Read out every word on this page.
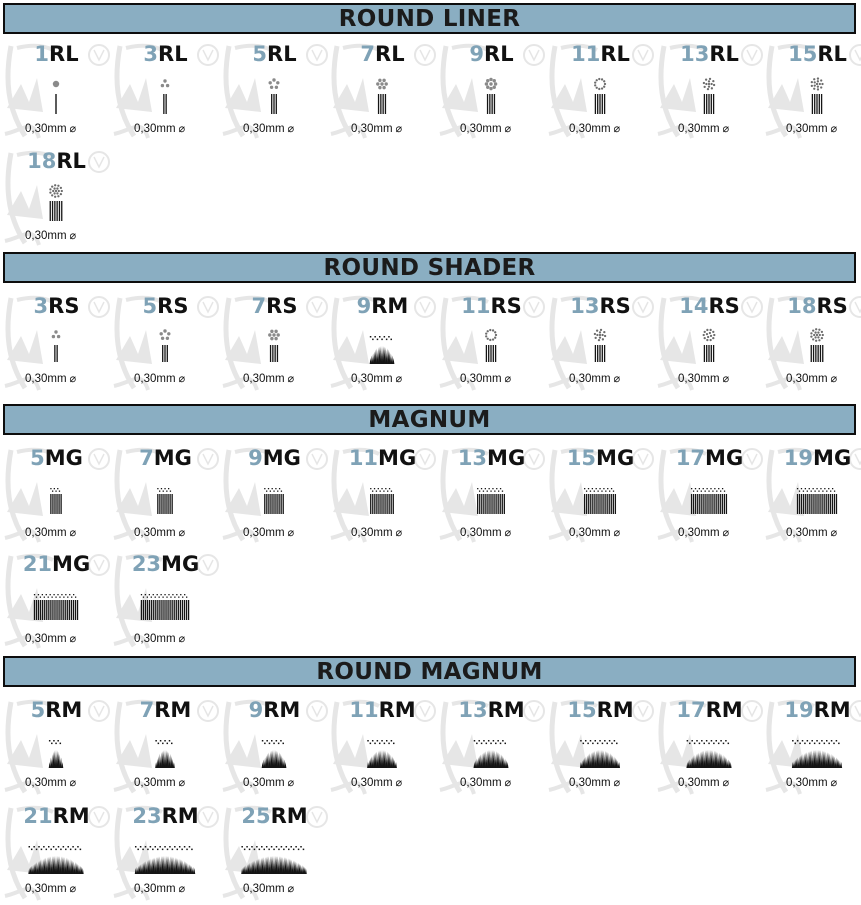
ROUND LINER
1RL
0,30mm ⌀
3RL
0,30mm ⌀
5RL
0,30mm ⌀
7RL
0,30mm ⌀
9RL
0,30mm ⌀
11RL
0,30mm ⌀
13RL
0,30mm ⌀
15RL
0,30mm ⌀
18RL
0,30mm ⌀
ROUND SHADER
3RS
0,30mm ⌀
5RS
0,30mm ⌀
7RS
0,30mm ⌀
9RM
0,30mm ⌀
11RS
0,30mm ⌀
13RS
0,30mm ⌀
14RS
0,30mm ⌀
18RS
0,30mm ⌀
MAGNUM
5MG
0,30mm ⌀
7MG
0,30mm ⌀
9MG
0,30mm ⌀
11MG
0,30mm ⌀
13MG
0,30mm ⌀
15MG
0,30mm ⌀
17MG
0,30mm ⌀
19MG
0,30mm ⌀
21MG
0,30mm ⌀
23MG
0,30mm ⌀
ROUND MAGNUM
5RM
0,30mm ⌀
7RM
0,30mm ⌀
9RM
0,30mm ⌀
11RM
0,30mm ⌀
13RM
0,30mm ⌀
15RM
0,30mm ⌀
17RM
0,30mm ⌀
19RM
0,30mm ⌀
21RM
0,30mm ⌀
23RM
0,30mm ⌀
25RM
0,30mm ⌀
